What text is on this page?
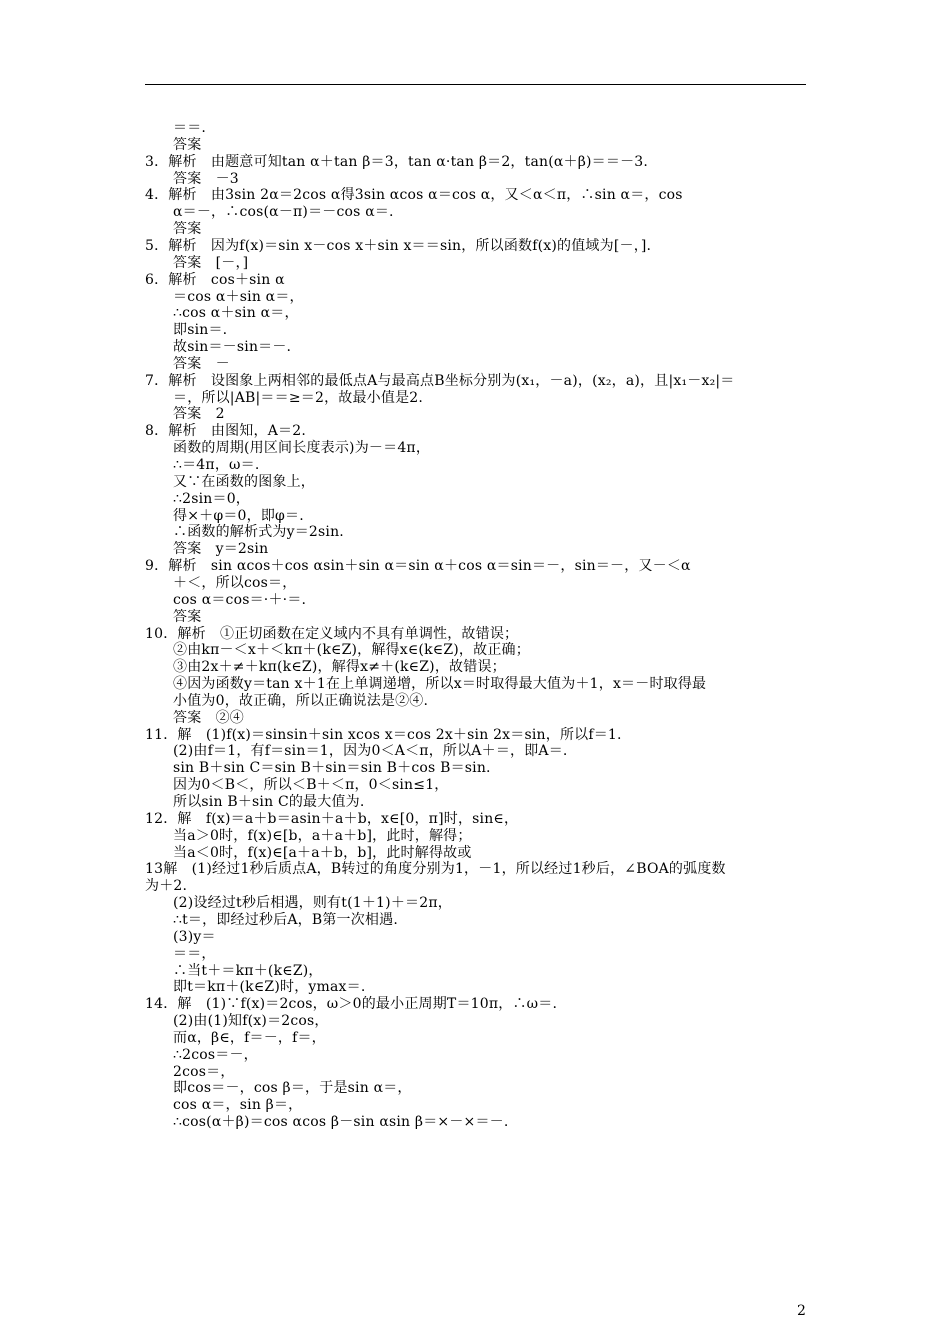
＝＝.
答案
3．解析　由题意可知tan α＋tan β＝3，tan α·tan β＝2，tan(α＋β)＝＝－3.
答案　－3
4．解析　由3sin 2α＝2cos α得3sin αcos α＝cos α，又＜α＜π，∴sin α＝，cos
α＝－，∴cos(α－π)＝－cos α＝.
答案
5．解析　因为f(x)＝sin x－cos x＋sin x＝＝sin，所以函数f(x)的值域为[－，].
答案　[－，]
6．解析　cos＋sin α
＝cos α＋sin α＝，
∴cos α＋sin α＝，
即sin＝.
故sin＝－sin＝－.
答案　－
7．解析　设图象上两相邻的最低点A与最高点B坐标分别为(x₁，－a)，(x₂，a)，且|x₁－x₂|＝
＝，所以|AB|＝＝≥＝2，故最小值是2.
答案　2
8．解析　由图知，A＝2.
函数的周期(用区间长度表示)为－＝4π，
∴＝4π，ω＝.
又∵在函数的图象上，
∴2sin＝0，
得×＋φ＝0，即φ＝.
∴函数的解析式为y＝2sin.
答案　y＝2sin
9．解析　sin αcos＋cos αsin＋sin α＝sin α＋cos α＝sin＝－，sin＝－，又－＜α
＋＜，所以cos＝，
cos α＝cos＝·＋·＝.
答案
10．解析　①正切函数在定义域内不具有单调性，故错误；
②由kπ－＜x＋＜kπ＋(k∈Z)，解得x∈(k∈Z)，故正确；
③由2x＋≠＋kπ(k∈Z)，解得x≠＋(k∈Z)，故错误；
④因为函数y＝tan x＋1在上单调递增，所以x＝时取得最大值为＋1，x＝－时取得最
小值为0，故正确，所以正确说法是②④.
答案　②④
11．解　(1)f(x)＝sinsin＋sin xcos x＝cos 2x＋sin 2x＝sin，所以f＝1.
(2)由f＝1，有f＝sin＝1，因为0＜A＜π，所以A＋＝，即A＝.
sin B＋sin C＝sin B＋sin＝sin B＋cos B＝sin.
因为0＜B＜，所以＜B＋＜π，0＜sin≤1，
所以sin B＋sin C的最大值为.
12．解　f(x)＝a＋b＝asin＋a＋b，x∈[0，π]时，sin∈，
当a＞0时，f(x)∈[b，a＋a＋b]，此时，解得；
当a＜0时，f(x)∈[a＋a＋b，b]，此时解得故或
13解　(1)经过1秒后质点A，B转过的角度分别为1，－1，所以经过1秒后，∠BOA的弧度数
为＋2.
(2)设经过t秒后相遇，则有t(1＋1)＋＝2π，
∴t＝，即经过秒后A，B第一次相遇.
(3)y＝
＝＝，
∴当t＋＝kπ＋(k∈Z)，
即t＝kπ＋(k∈Z)时，ymax＝.
14．解　(1)∵f(x)＝2cos，ω＞0的最小正周期T＝10π，∴ω＝.
(2)由(1)知f(x)＝2cos，
而α，β∈，f＝－，f＝，
∴2cos＝－，
2cos＝，
即cos＝－，cos β＝，于是sin α＝，
cos α＝，sin β＝，
∴cos(α＋β)＝cos αcos β－sin αsin β＝×－×＝－.
2
